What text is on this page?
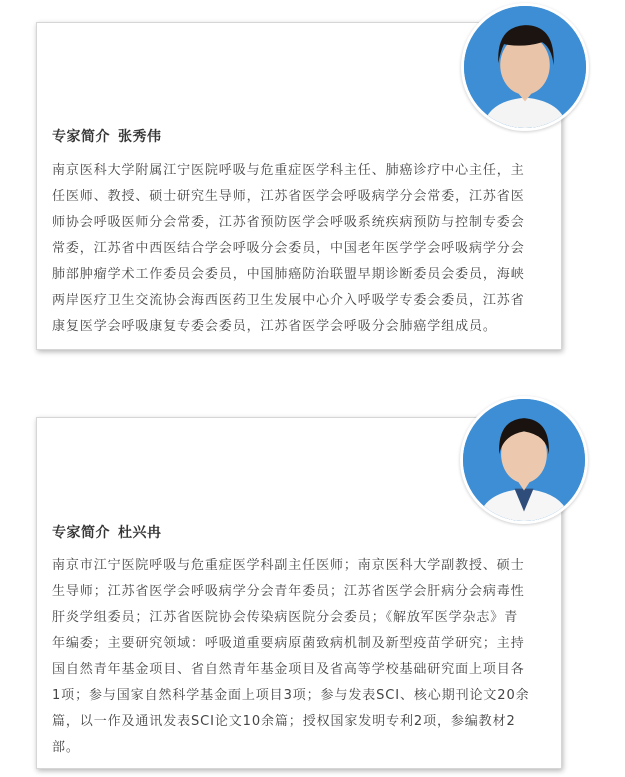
专家简介 张秀伟

南京医科大学附属江宁医院呼吸与危重症医学科主任、肺癌诊疗中心主任，主
任医师、教授、硕士研究生导师，江苏省医学会呼吸病学分会常委，江苏省医
师协会呼吸医师分会常委，江苏省预防医学会呼吸系统疾病预防与控制专委会
常委，江苏省中西医结合学会呼吸分会委员，中国老年医学学会呼吸病学分会
肺部肿瘤学术工作委员会委员，中国肺癌防治联盟早期诊断委员会委员，海峡
两岸医疗卫生交流协会海西医药卫生发展中心介入呼吸学专委会委员，江苏省
康复医学会呼吸康复专委会委员，江苏省医学会呼吸分会肺癌学组成员。

专家简介 杜兴冉

南京市江宁医院呼吸与危重症医学科副主任医师；南京医科大学副教授、硕士
生导师；江苏省医学会呼吸病学分会青年委员；江苏省医学会肝病分会病毒性
肝炎学组委员；江苏省医院协会传染病医院分会委员；《解放军医学杂志》青
年编委；主要研究领域：呼吸道重要病原菌致病机制及新型疫苗学研究；主持
国自然青年基金项目、省自然青年基金项目及省高等学校基础研究面上项目各
1项；参与国家自然科学基金面上项目3项；参与发表SCI、核心期刊论文20余
篇，以一作及通讯发表SCI论文10余篇；授权国家发明专利2项，参编教材2
部。
